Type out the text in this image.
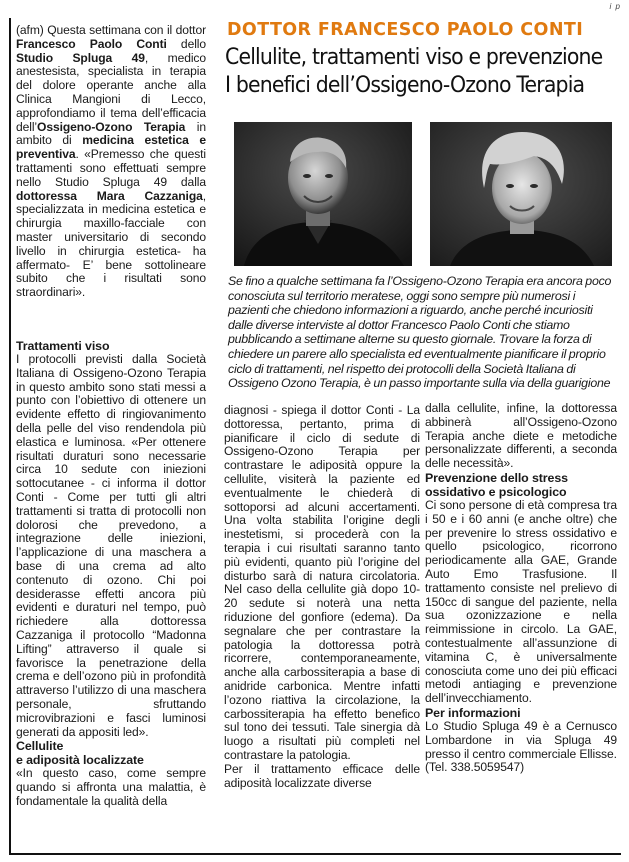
i p

(afm) Questa settimana con il dottor Francesco Paolo Conti dello Studio Spluga 49, medico anestesista, specialista in terapia del dolore operante anche alla Clinica Mangioni di Lecco, approfondiamo il tema dell’efficacia dell’Ossigeno-Ozono Terapia in ambito di medicina estetica e preventiva. «Premesso che questi trattamenti sono effettuati sempre nello Studio Spluga 49 dalla dottoressa Mara Cazzaniga, specializzata in medicina estetica e chirurgia maxillo-facciale con master universitario di secondo livello in chirurgia estetica- ha affermato- E’ bene sottolineare subito che i risultati sono straordinari».

Trattamenti viso

I protocolli previsti dalla Società Italiana di Ossigeno-Ozono Terapia in questo ambito sono stati messi a punto con l’obiettivo di ottenere un evidente effetto di ringiovanimento della pelle del viso rendendola più elastica e luminosa. «Per ottenere risultati duraturi sono necessarie circa 10 sedute con iniezioni sottocutanee - ci informa il dottor Conti - Come per tutti gli altri trattamenti si tratta di protocolli non dolorosi che prevedono, a integrazione delle iniezioni, l’applicazione di una maschera a base di una crema ad alto contenuto di ozono. Chi poi desiderasse effetti ancora più evidenti e duraturi nel tempo, può richiedere alla dottoressa Cazzaniga il protocollo “Madonna Lifting” attraverso il quale si favorisce la penetrazione della crema e dell’ozono più in profondità attraverso l’utilizzo di una maschera personale, sfruttando microvibrazioni e fasci luminosi generati da appositi led».

Cellulite

e adiposità localizzate

«In questo caso, come sempre quando si affronta una malattia, è fondamentale la qualità della

DOTTOR FRANCESCO PAOLO CONTI
Cellulite, trattamenti viso e prevenzione
I benefici dell’Ossigeno-Ozono Terapia
Se fino a qualche settimana fa l’Ossigeno-Ozono Terapia era ancora poco conosciuta sul territorio meratese, oggi sono sempre più numerosi i pazienti che chiedono informazioni a riguardo, anche perché incuriositi dalle diverse interviste al dottor Francesco Paolo Conti che stiamo pubblicando a settimane alterne su questo giornale. Trovare la forza di chiedere un parere allo specialista ed eventualmente pianificare il proprio ciclo di trattamenti, nel rispetto dei protocolli della Società Italiana di Ossigeno Ozono Terapia, è un passo importante sulla via della guarigione

diagnosi - spiega il dottor Conti - La dottoressa, pertanto, prima di pianificare il ciclo di sedute di Ossigeno-Ozono Terapia per contrastare le adiposità oppure la cellulite, visiterà la paziente ed eventualmente le chiederà di sottoporsi ad alcuni accertamenti. Una volta stabilita l’origine degli inestetismi, si procederà con la terapia i cui risultati saranno tanto più evidenti, quanto più l’origine del disturbo sarà di natura circolatoria. Nel caso della cellulite già dopo 10-20 sedute si noterà una netta riduzione del gonfiore (edema). Da segnalare che per contrastare la patologia la dottoressa potrà ricorrere, contemporaneamente, anche alla carbossiterapia a base di anidride carbonica. Mentre infatti l’ozono riattiva la circolazione, la carbossiterapia ha effetto benefico sul tono dei tessuti. Tale sinergia dà luogo a risultati più completi nel contrastare la patologia.

Per il trattamento efficace delle adiposità localizzate diverse

dalla cellulite, infine, la dottoressa abbinerà all’Ossigeno-Ozono Terapia anche diete e metodiche personalizzate differenti, a seconda delle necessità».

Prevenzione dello stress ossidativo e psicologico

Ci sono persone di età compresa tra i 50 e i 60 anni (e anche oltre) che per prevenire lo stress ossidativo e quello psicologico, ricorrono periodicamente alla GAE, Grande Auto Emo Trasfusione. Il trattamento consiste nel prelievo di 150cc di sangue del paziente, nella sua ozonizzazione e nella reimmissione in circolo. La GAE, contestualmente all’assunzione di vitamina C, è universalmente conosciuta come uno dei più efficaci metodi antiaging e prevenzione dell’invecchiamento.

Per informazioni

Lo Studio Spluga 49 è a Cernusco Lombardone in via Spluga 49 presso il centro commerciale Ellisse.

(Tel. 338.5059547)
